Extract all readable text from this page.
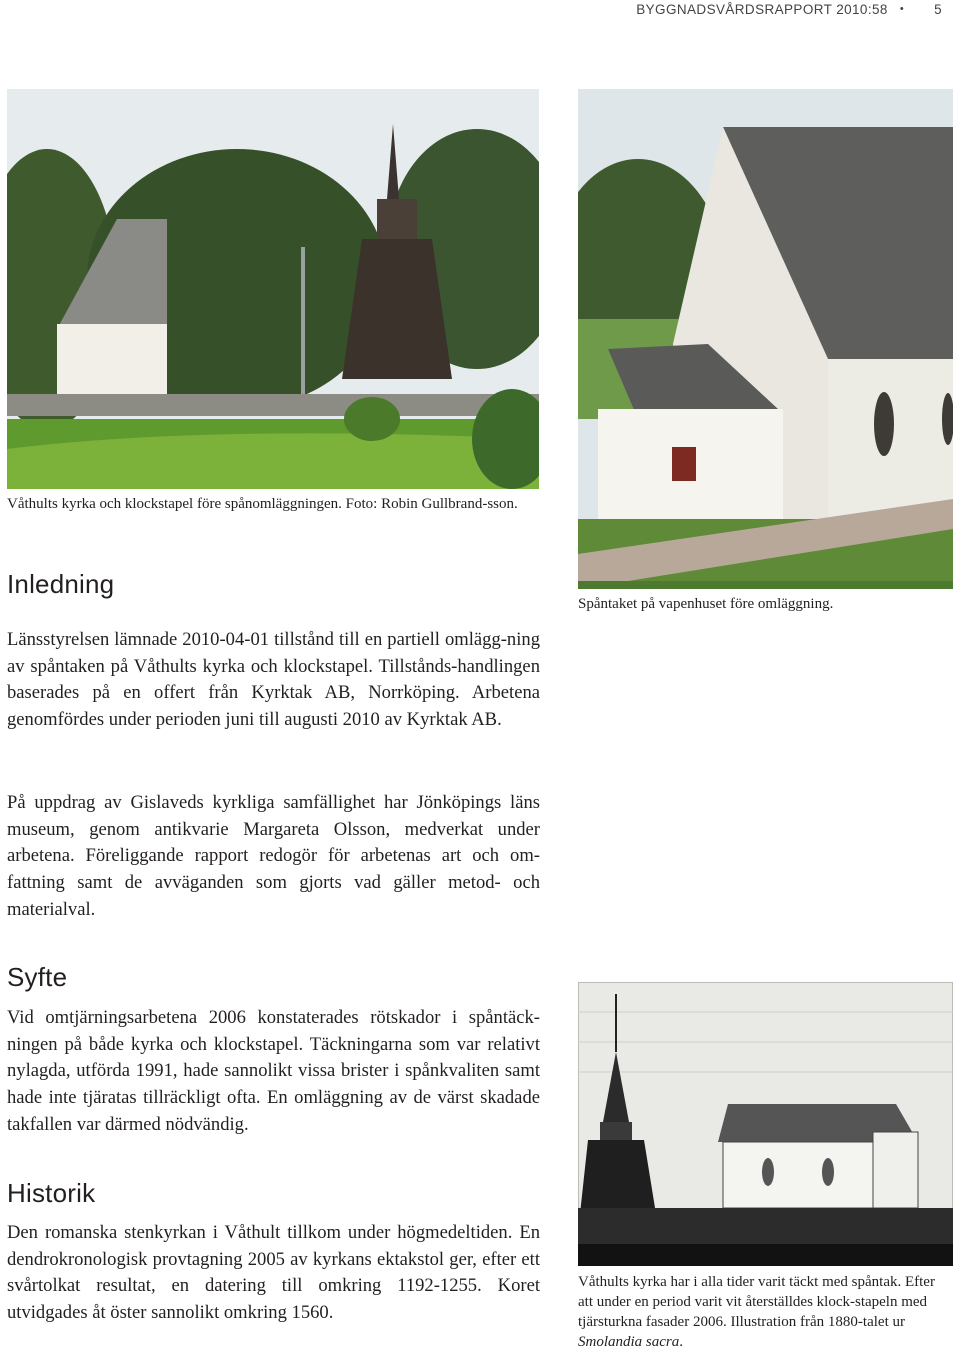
BYGGNADSVÅRDSRAPPORT 2010:58 • 5
Våthults kyrka och klockstapel före spånomläggningen. Foto: Robin Gullbrand-sson.
Spåntaket på vapenhuset före omläggning.
Inledning

Länsstyrelsen lämnade 2010-04-01 tillstånd till en partiell omlägg-ning av spåntaken på Våthults kyrka och klockstapel. Tillstånds-handlingen baserades på en offert från Kyrktak AB, Norrköping. Arbetena genomfördes under perioden juni till augusti 2010 av Kyrktak AB.

På uppdrag av Gislaveds kyrkliga samfällighet har Jönköpings läns museum, genom antikvarie Margareta Olsson, medverkat under arbetena. Föreliggande rapport redogör för arbetenas art och om-fattning samt de avväganden som gjorts vad gäller metod- och materialval.

Syfte

Vid omtjärningsarbetena 2006 konstaterades rötskador i spåntäck-ningen på både kyrka och klockstapel. Täckningarna som var relativt nylagda, utförda 1991, hade sannolikt vissa brister i spånkvaliten samt hade inte tjäratas tillräckligt ofta. En omläggning av de värst skadade takfallen var därmed nödvändig.

Historik

Den romanska stenkyrkan i Våthult tillkom under högmedeltiden. En dendrokronologisk provtagning 2005 av kyrkans ektakstol ger, efter ett svårtolkat resultat, en datering till omkring 1192-1255. Koret utvidgades åt öster sannolikt omkring 1560.

Våthults kyrka har i alla tider varit täckt med spåntak. Efter att under en period varit vit återställdes klock-stapeln med tjärsturkna fasader 2006. Illustration från 1880-talet ur Smolandia sacra.
